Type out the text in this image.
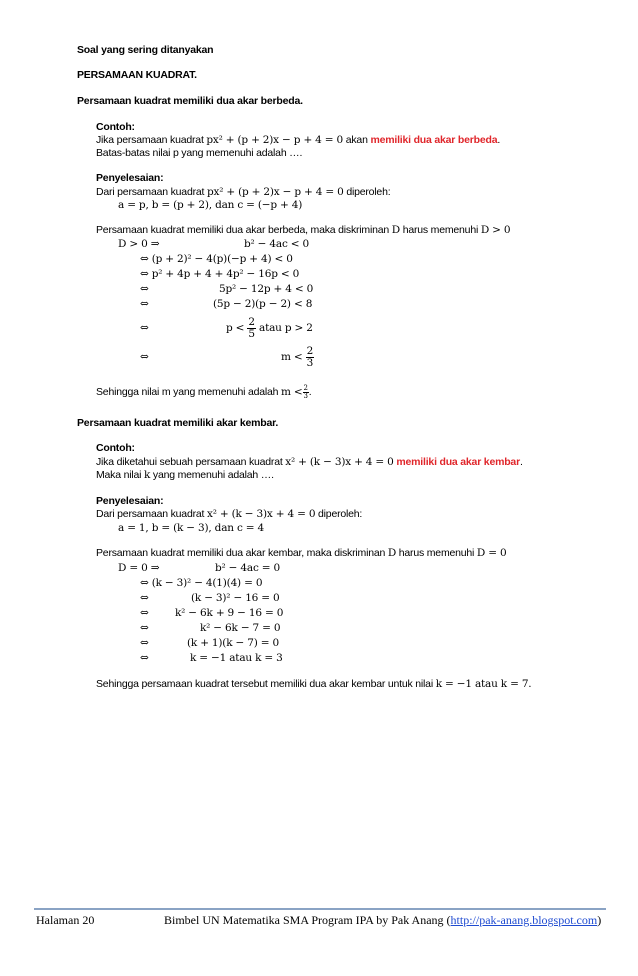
Soal yang sering ditanyakan
PERSAMAAN KUADRAT.
Persamaan kuadrat memiliki dua akar berbeda.
Contoh:
Jika persamaan kuadrat px² + (p + 2)x − p + 4 = 0 akan memiliki dua akar berbeda.
Batas-batas nilai p yang memenuhi adalah ….
Penyelesaian:
Dari persamaan kuadrat px² + (p + 2)x − p + 4 = 0 diperoleh:
a = p, b = (p + 2), dan c = (−p + 4)
Persamaan kuadrat memiliki dua akar berbeda, maka diskriminan D harus memenuhi D > 0
D > 0 ⇒	b² − 4ac < 0
⇔ (p + 2)² − 4(p)(−p + 4) < 0
⇔ p² + 4p + 4 + 4p² − 16p < 0
⇔	5p² − 12p + 4 < 0
⇔	(5p − 2)(p − 2) < 8
⇔	$p < \frac{2}{5}$ atau p > 2
⇔	$m < \frac{2}{3}$
Sehingga nilai m yang memenuhi adalah $m < \frac{2}{3}$ .
Persamaan kuadrat memiliki akar kembar.
Contoh:
Jika diketahui sebuah persamaan kuadrat x² + (k − 3)x + 4 = 0 memiliki dua akar kembar.
Maka nilai k yang memenuhi adalah ….
Penyelesaian:
Dari persamaan kuadrat x² + (k − 3)x + 4 = 0 diperoleh:
a = 1, b = (k − 3), dan c = 4
Persamaan kuadrat memiliki dua akar kembar, maka diskriminan D harus memenuhi D = 0
D = 0 ⇒	b² − 4ac = 0
⇔ (k − 3)² − 4(1)(4) = 0
⇔	(k − 3)² − 16 = 0
⇔	k² − 6k + 9 − 16 = 0
⇔	k² − 6k − 7 = 0
⇔	(k + 1)(k − 7) = 0
⇔	k = −1 atau k = 3
Sehingga persamaan kuadrat tersebut memiliki dua akar kembar untuk nilai k = −1 atau k = 7.
Halaman 20	Bimbel UN Matematika SMA Program IPA by Pak Anang (http://pak-anang.blogspot.com)
